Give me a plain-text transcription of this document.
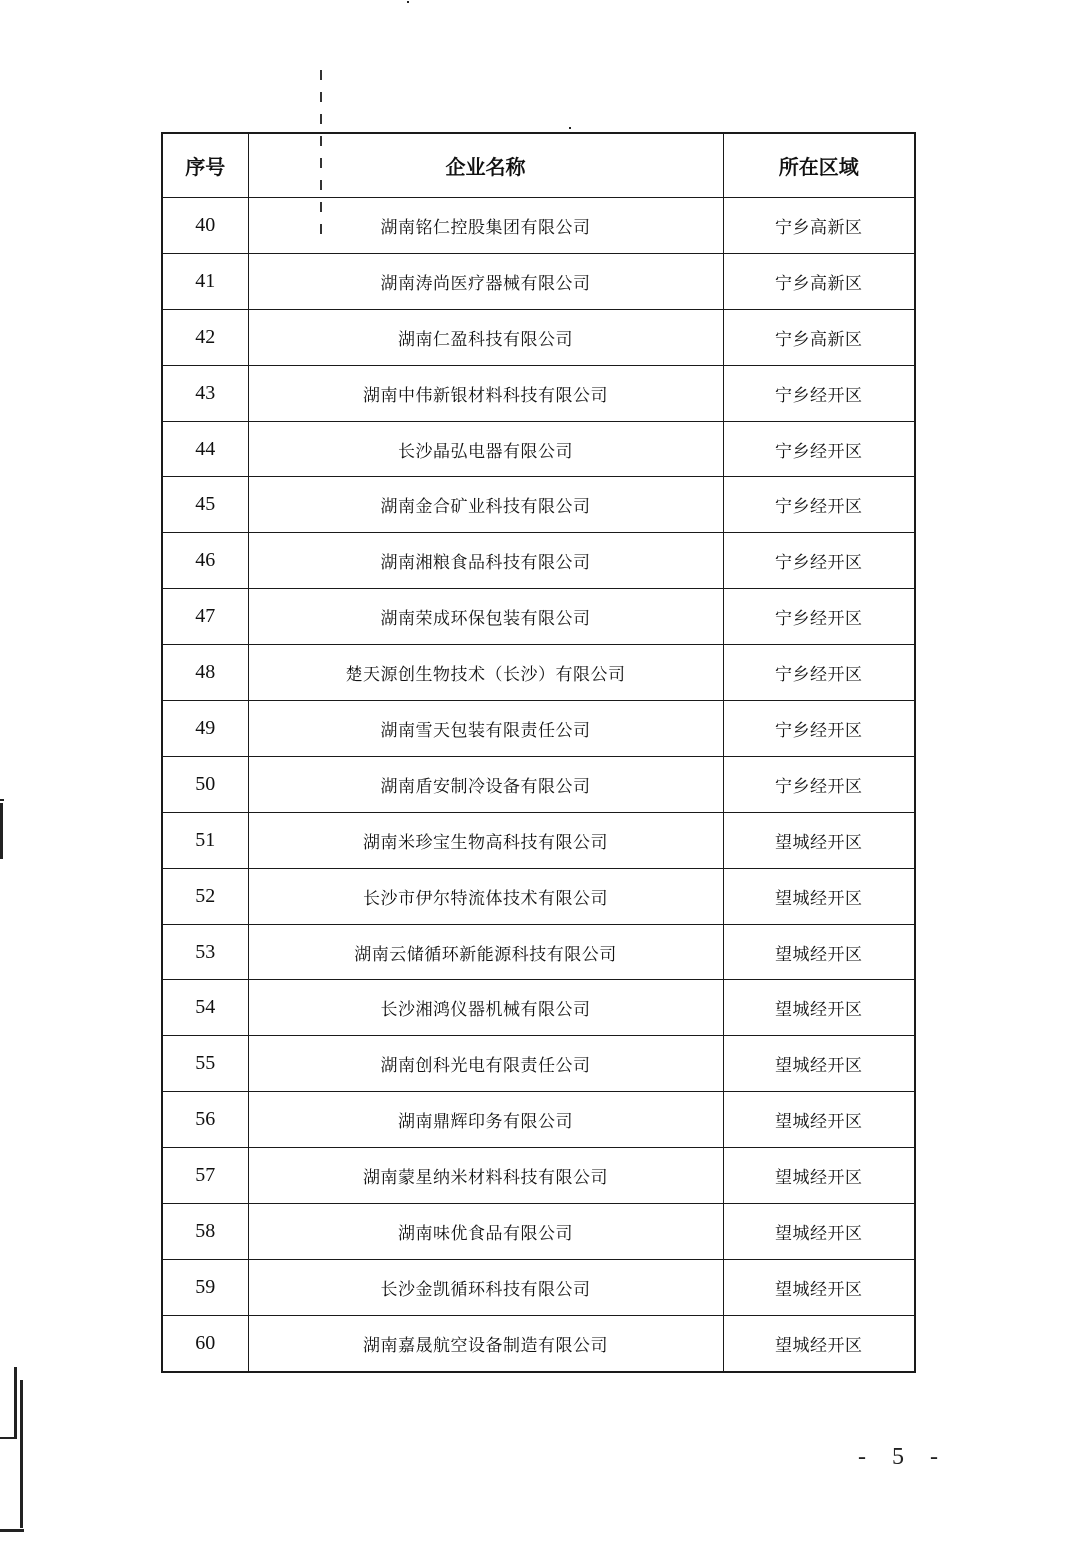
序号	企业名称	所在区域
40	湖南铭仁控股集团有限公司	宁乡高新区
41	湖南涛尚医疗器械有限公司	宁乡高新区
42	湖南仁盈科技有限公司	宁乡高新区
43	湖南中伟新银材料科技有限公司	宁乡经开区
44	长沙晶弘电器有限公司	宁乡经开区
45	湖南金合矿业科技有限公司	宁乡经开区
46	湖南湘粮食品科技有限公司	宁乡经开区
47	湖南荣成环保包装有限公司	宁乡经开区
48	楚天源创生物技术（长沙）有限公司	宁乡经开区
49	湖南雪天包装有限责任公司	宁乡经开区
50	湖南盾安制冷设备有限公司	宁乡经开区
51	湖南米珍宝生物高科技有限公司	望城经开区
52	长沙市伊尔特流体技术有限公司	望城经开区
53	湖南云储循环新能源科技有限公司	望城经开区
54	长沙湘鸿仪器机械有限公司	望城经开区
55	湖南创科光电有限责任公司	望城经开区
56	湖南鼎辉印务有限公司	望城经开区
57	湖南蒙星纳米材料科技有限公司	望城经开区
58	湖南味优食品有限公司	望城经开区
59	长沙金凯循环科技有限公司	望城经开区
60	湖南嘉晟航空设备制造有限公司	望城经开区
- 5 -
